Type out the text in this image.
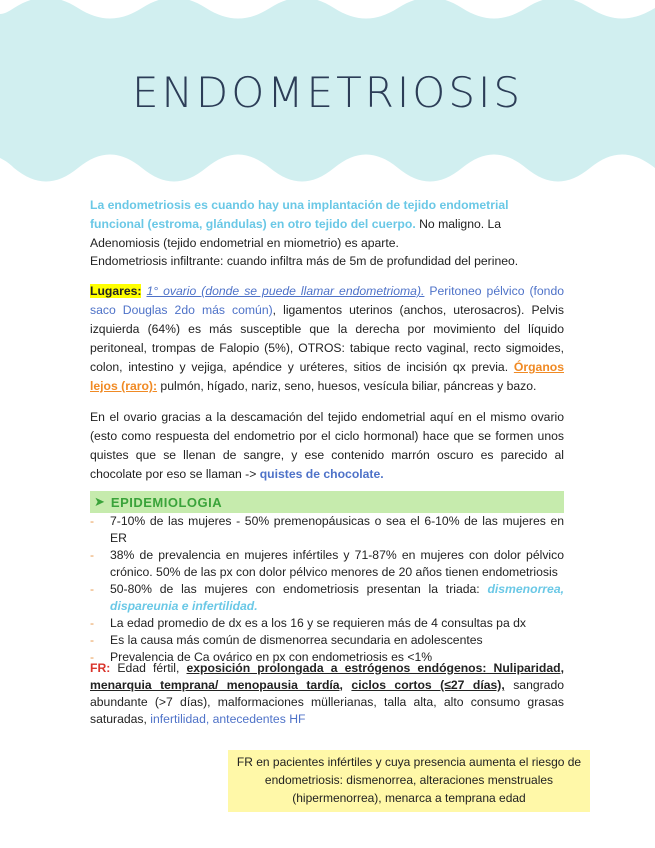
ENDOMETRIOSIS

La endometriosis es cuando hay una implantación de tejido endometrial funcional (estroma, glándulas) en otro tejido del cuerpo. No maligno. La Adenomiosis (tejido endometrial en miometrio) es aparte.

Endometriosis infiltrante: cuando infiltra más de 5m de profundidad del perineo.

Lugares: 1° ovario (donde se puede llamar endometrioma). Peritoneo pélvico (fondo saco Douglas 2do más común), ligamentos uterinos (anchos, uterosacros). Pelvis izquierda (64%) es más susceptible que la derecha por movimiento del líquido peritoneal, trompas de Falopio (5%), OTROS: tabique recto vaginal, recto sigmoides, colon, intestino y vejiga, apéndice y uréteres, sitios de incisión qx previa. Órganos lejos (raro): pulmón, hígado, nariz, seno, huesos, vesícula biliar, páncreas y bazo.

En el ovario gracias a la descamación del tejido endometrial aquí en el mismo ovario (esto como respuesta del endometrio por el ciclo hormonal) hace que se formen unos quistes que se llenan de sangre, y ese contenido marrón oscuro es parecido al chocolate por eso se llaman -> quistes de chocolate.

➤ EPIDEMIOLOGIA
-	7-10% de las mujeres - 50% premenopáusicas o sea el 6-10% de las mujeres en ER
-	38% de prevalencia en mujeres infértiles y 71-87% en mujeres con dolor pélvico crónico. 50% de las px con dolor pélvico menores de 20 años tienen endometriosis
-	50-80% de las mujeres con endometriosis presentan la triada: dismenorrea, dispareunia e infertilidad.
-	La edad promedio de dx es a los 16 y se requieren más de 4 consultas pa dx
-	Es la causa más común de dismenorrea secundaria en adolescentes
-	Prevalencia de Ca ovárico en px con endometriosis es <1%

FR: Edad fértil, exposición prolongada a estrógenos endógenos: Nuliparidad, menarquia temprana/ menopausia tardía, ciclos cortos (≤27 días), sangrado abundante (>7 días), malformaciones müllerianas, talla alta, alto consumo grasas saturadas, infertilidad, antecedentes HF

FR en pacientes infértiles y cuya presencia aumenta el riesgo de endometriosis: dismenorrea, alteraciones menstruales (hipermenorrea), menarca a temprana edad
